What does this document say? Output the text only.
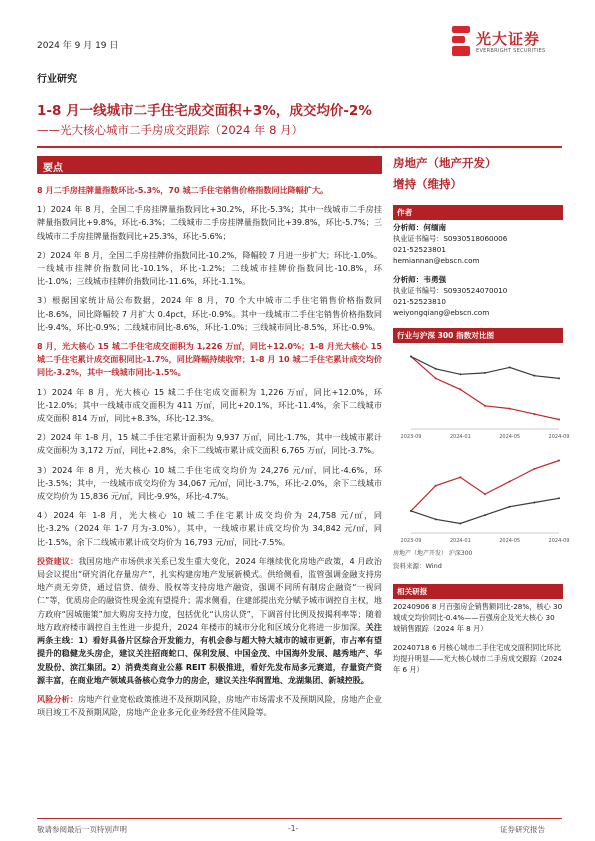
2024 年 9 月 19 日	光大证券
EVERBRIGHT SECURITIES
行业研究
1-8 月一线城市二手住宅成交面积+3%，成交均价-2%
——光大核心城市二手房成交跟踪（2024 年 8 月）
要点

8 月二手房挂牌量指数环比-5.3%，70 城二手住宅销售价格指数同比降幅扩大。

1）2024 年 8 月，全国二手房挂牌量指数同比+30.2%，环比-5.3%；其中一线城市二手房挂牌量指数同比+9.8%，环比-6.3%；二线城市二手房挂牌量指数同比+39.8%，环比-5.7%；三线城市二手房挂牌量指数同比+25.3%，环比-5.6%；

2）2024 年 8 月，全国二手房挂牌价指数同比-10.2%，降幅较 7 月进一步扩大；环比-1.0%。一线城市挂牌价指数同比-10.1%，环比-1.2%；二线城市挂牌价指数同比-10.8%，环比-1.0%；三线城市挂牌价指数同比-11.6%，环比-1.1%。

3）根据国家统计局公布数据，2024 年 8 月，70 个大中城市二手住宅销售价格指数同比-8.6%，同比降幅较 7 月扩大 0.4pct，环比-0.9%。其中一线城市二手住宅销售价格指数同比-9.4%，环比-0.9%；二线城市同比-8.6%，环比-1.0%；三线城市同比-8.5%，环比-0.9%。

8 月，光大核心 15 城二手住宅成交面积为 1,226 万㎡，同比+12.0%；1-8 月光大核心 15 城二手住宅累计成交面积同比-1.7%，同比降幅持续收窄；1-8 月 10 城二手住宅累计成交均价同比-3.2%，其中一线城市同比-1.5%。

1）2024 年 8 月，光大核心 15 城二手住宅成交面积为 1,226 万㎡，同比+12.0%，环比-12.0%；其中一线城市成交面积为 411 万㎡，同比+20.1%，环比-11.4%，余下二线城市成交面积 814 万㎡，同比+8.3%，环比-12.3%。

2）2024 年 1-8 月，15 城二手住宅累计面积为 9,937 万㎡，同比-1.7%，其中一线城市累计成交面积为 3,172 万㎡，同比+2.8%，余下二线城市累计成交面积 6,765 万㎡，同比-3.7%。

3）2024 年 8 月，光大核心 10 城二手住宅成交均价为 24,276 元/㎡，同比-4.6%，环比-3.5%；其中，一线城市成交均价为 34,067 元/㎡，同比-3.7%，环比-2.0%，余下二线城市成交均价为 15,836 元/㎡，同比-9.9%，环比-4.7%。

4）2024 年 1-8 月，光大核心 10 城二手住宅累计成交均价为 24,758 元/㎡，同比-3.2%（2024 年 1-7 月为-3.0%），其中，一线城市累计成交均价为 34,842 元/㎡，同比-1.5%，余下二线城市累计成交均价为 16,793 元/㎡，同比-7.5%。

投资建议：我国房地产市场供求关系已发生重大变化，2024 年继续优化房地产政策，4 月政治局会议提出“研究消化存量房产”，扎实构建房地产发展新模式。供给侧看，监管强调金融支持房地产责无旁贷，通过信贷、债券、股权等支持房地产融资，强调不同所有制房企融资“一视同仁”等，优质房企的融资性现金流有望提升；需求侧看，住建部提出充分赋予城市调控自主权，地方政府“因城施策”加大购房支持力度，包括优化“认房认贷”，下调首付比例及按揭利率等；随着地方政府楼市调控自主性进一步提升，2024 年楼市的城市分化和区域分化将进一步加深。关注两条主线：1）看好具备片区综合开发能力，有机会参与超大特大城市的城市更新，市占率有望提升的稳健龙头房企，建议关注招商蛇口、保利发展、中国金茂、中国海外发展、越秀地产、华发股份、滨江集团。2）消费类商业公募 REIT 积极推进，看好先发布局多元赛道，存量资产资源丰富，在商业地产领域具备核心竞争力的房企，建议关注华润置地、龙湖集团、新城控股。

风险分析：房地产行业宽松政策推进不及预期风险，房地产市场需求不及预期风险，房地产企业项目竣工不及预期风险，房地产企业多元化业务经营不佳风险等。

房地产（地产开发）
增持（维持）
作者
分析师：何缅南
执业证书编号：S0930518060006
021-52523801
hemiannan@ebscn.com
分析师：韦勇强
执业证书编号：S0930524070010
021-52523810
weiyongqiang@ebscn.com
行业与沪深 300 指数对比图
2023-09	2024-01	2024-05	2024-09
2023-09	2024-01	2024-05	2024-09
房地产（地产开发） 沪深300
资料来源：Wind
相关研报
20240906 8 月百强房企销售额同比-28%，核心 30 城成交均价同比-0.4%——百强房企及光大核心 30 城销售跟踪（2024 年 8 月）
20240718 6 月核心城市二手住宅成交面积同比环比均提升明显——光大核心城市二手房成交跟踪（2024 年 6 月）
敬请参阅最后一页特别声明	-1-	证券研究报告
